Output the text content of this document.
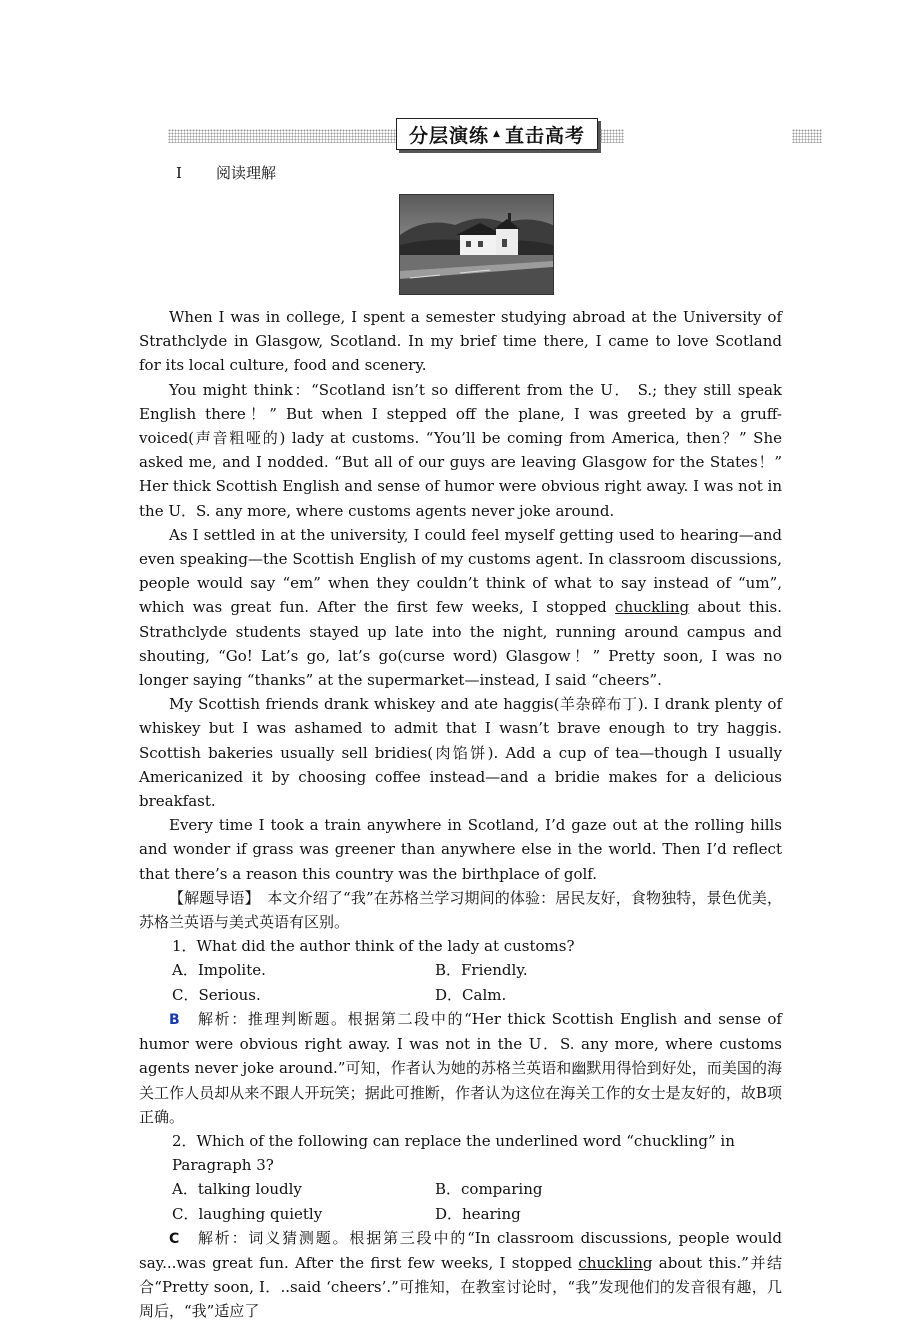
分层演练 ▲ 直击高考
Ⅰ 阅读理解

When I was in college, I spent a semester studying abroad at the University of Strathclyde in Glasgow, Scotland. In my brief time there, I came to love Scotland for its local culture, food and scenery.

You might think：“Scotland isn’t so different from the U． S.; they still speak English there！” But when I stepped off the plane, I was greeted by a gruff-voiced(声音粗哑的) lady at customs. “You’ll be coming from America, then？” She asked me, and I nodded. “But all of our guys are leaving Glasgow for the States！” Her thick Scottish English and sense of humor were obvious right away. I was not in the U．S. any more, where customs agents never joke around.

As I settled in at the university, I could feel myself getting used to hearing—and even speaking—the Scottish English of my customs agent. In classroom discussions, people would say “em” when they couldn’t think of what to say instead of “um”, which was great fun. After the first few weeks, I stopped chuckling about this. Strathclyde students stayed up late into the night, running around campus and shouting, “Go! Lat’s go, lat’s go(curse word) Glasgow！” Pretty soon, I was no longer saying “thanks” at the supermarket—instead, I said “cheers”.

My Scottish friends drank whiskey and ate haggis(羊杂碎布丁). I drank plenty of whiskey but I was ashamed to admit that I wasn’t brave enough to try haggis. Scottish bakeries usually sell bridies(肉馅饼). Add a cup of tea—though I usually Americanized it by choosing coffee instead—and a bridie makes for a delicious breakfast.

Every time I took a train anywhere in Scotland, I’d gaze out at the rolling hills and wonder if grass was greener than anywhere else in the world. Then I’d reflect that there’s a reason this country was the birthplace of golf.

【解题导语】　 本文介绍了“我”在苏格兰学习期间的体验：居民友好，食物独特，景色优美，苏格兰英语与美式英语有区别。

1．What did the author think of the lady at customs?
A．Impolite.	B．Friendly.
C．Serious.	D．Calm.

B　 解析：推理判断题。根据第二段中的“Her thick Scottish English and sense of humor were obvious right away. I was not in the U．S. any more, where customs agents never joke around.”可知，作者认为她的苏格兰英语和幽默用得恰到好处，而美国的海关工作人员却从来不跟人开玩笑；据此可推断，作者认为这位在海关工作的女士是友好的，故B项正确。

2．Which of the following can replace the underlined word “chuckling” in Paragraph 3?
A．talking loudly	B．comparing
C．laughing quietly	D．hearing

C　 解析：词义猜测题。根据第三段中的“In classroom discussions, people would say...was great fun. After the first few weeks, I stopped chuckling about this.”并结合“Pretty soon, I．..said ‘cheers’.”可推知，在教室讨论时，“我”发现他们的发音很有趣，几周后，“我”适应了
